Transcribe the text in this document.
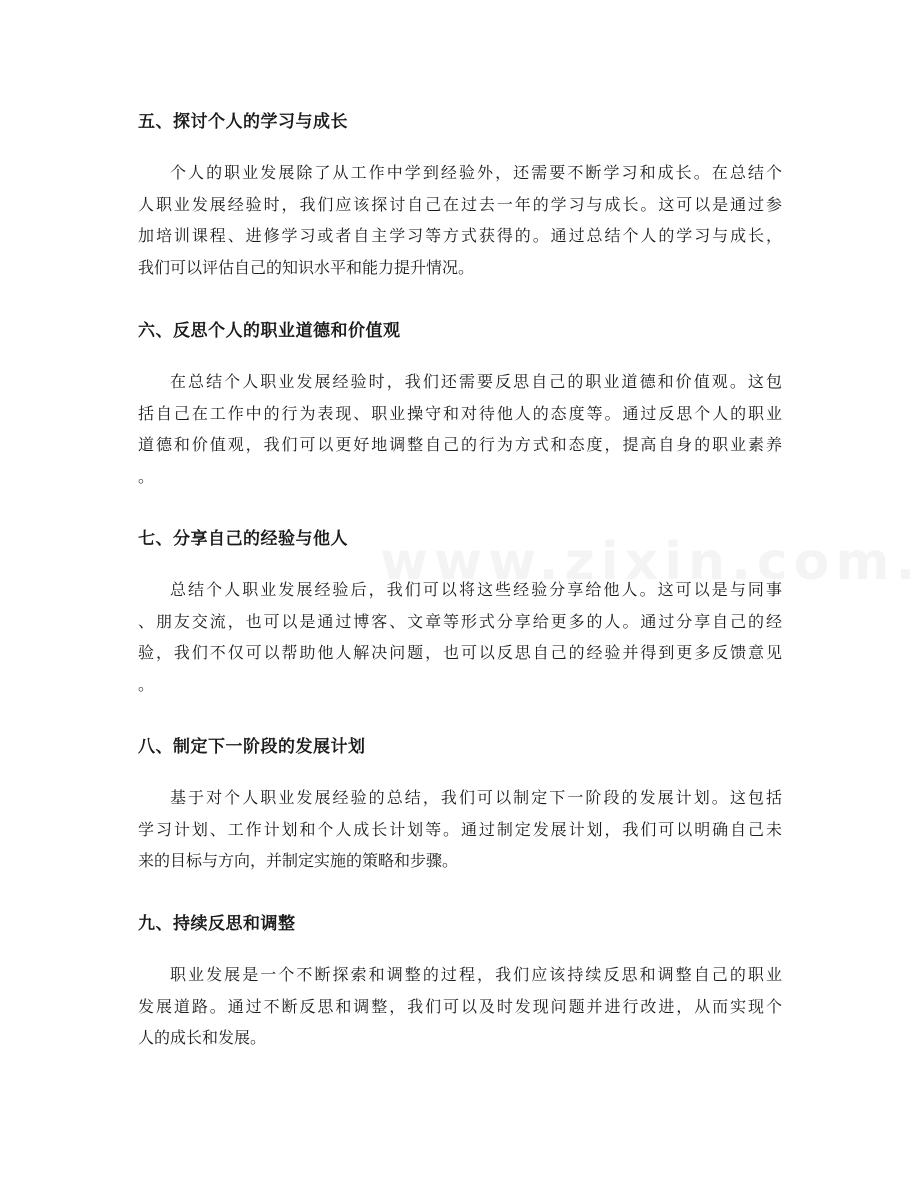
五、探讨个人的学习与成长
个人的职业发展除了从工作中学到经验外，还需要不断学习和成长。在总结个
人职业发展经验时，我们应该探讨自己在过去一年的学习与成长。这可以是通过参
加培训课程、进修学习或者自主学习等方式获得的。通过总结个人的学习与成长，
我们可以评估自己的知识水平和能力提升情况。
六、反思个人的职业道德和价值观
在总结个人职业发展经验时，我们还需要反思自己的职业道德和价值观。这包
括自己在工作中的行为表现、职业操守和对待他人的态度等。通过反思个人的职业
道德和价值观，我们可以更好地调整自己的行为方式和态度，提高自身的职业素养
。
七、分享自己的经验与他人
总结个人职业发展经验后，我们可以将这些经验分享给他人。这可以是与同事
、朋友交流，也可以是通过博客、文章等形式分享给更多的人。通过分享自己的经
验，我们不仅可以帮助他人解决问题，也可以反思自己的经验并得到更多反馈意见
。
八、制定下一阶段的发展计划
基于对个人职业发展经验的总结，我们可以制定下一阶段的发展计划。这包括
学习计划、工作计划和个人成长计划等。通过制定发展计划，我们可以明确自己未
来的目标与方向，并制定实施的策略和步骤。
九、持续反思和调整
职业发展是一个不断探索和调整的过程，我们应该持续反思和调整自己的职业
发展道路。通过不断反思和调整，我们可以及时发现问题并进行改进，从而实现个
人的成长和发展。
